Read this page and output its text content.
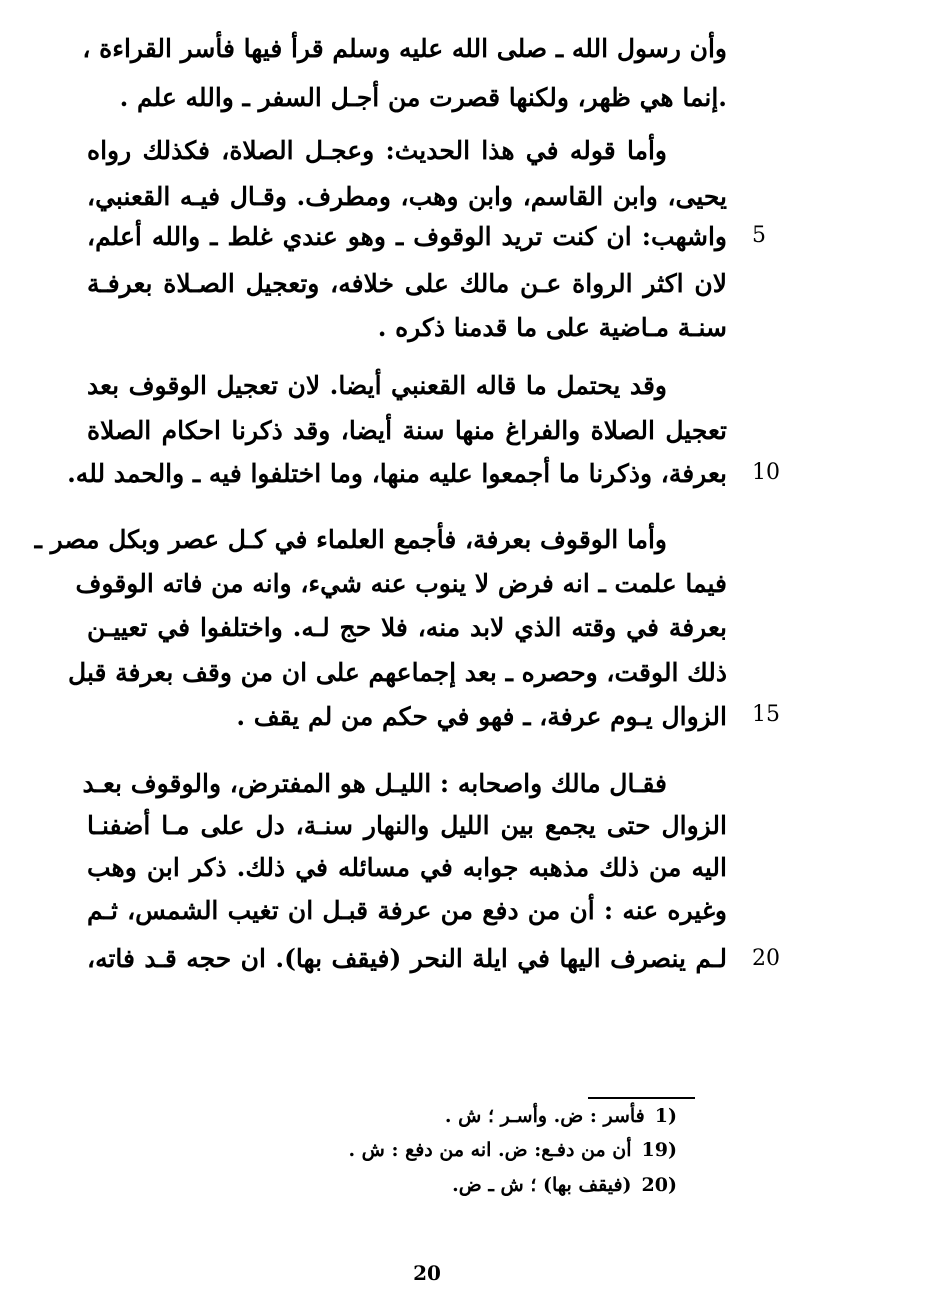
وأن رسول الله ـ صلى الله عليه وسلم قرأ فيها فأسر القراءة ،
.إنما هي ظهر، ولكنها قصرت من أجـل السفر ـ والله علم .
وأما قوله في هذا الحديث: وعجـل الصلاة، فكذلك رواه
يحيى، وابن القاسم، وابن وهب، ومطرف. وقـال فيـه القعنبي،
واشهب: ان كنت تريد الوقوف ـ وهو عندي غلط ـ والله أعلم،
لان اكثر الرواة عـن مالك على خلافه، وتعجيل الصـلاة بعرفـة
سنـة مـاضية على ما قدمنا ذكره .
وقد يحتمل ما قاله القعنبي أيضا. لان تعجيل الوقوف بعد
تعجيل الصلاة والفراغ منها سنة أيضا، وقد ذكرنا احكام الصلاة
بعرفة، وذكرنا ما أجمعوا عليه منها، وما اختلفوا فيه ـ والحمد لله.
وأما الوقوف بعرفة، فأجمع العلماء في كـل عصر وبكل مصر ـ
فيما علمت ـ انه فرض لا ينوب عنه شيء، وانه من فاته الوقوف
بعرفة في وقته الذي لابد منه، فلا حج لـه. واختلفوا في تعييـن
ذلك الوقت، وحصره ـ بعد إجماعهم على ان من وقف بعرفة قبل
الزوال يـوم عرفة، ـ فهو في حكم من لم يقف .
فقـال مالك واصحابه : الليـل هو المفترض، والوقوف بعـد
الزوال حتى يجمع بين الليل والنهار سنـة، دل على مـا أضفنـا
اليه من ذلك مذهبه جوابه في مسائله في ذلك. ذكر ابن وهب
وغيره عنه : أن من دفع من عرفة قبـل ان تغيب الشمس، ثـم
لـم ينصرف اليها في ايلة النحر (فيقف بها). ان حجه قـد فاته،
5
10
15
20
(1فأسر : ض. وأسـر ؛ ش .
(19أن من دفـع: ض. انه من دفع : ش .
(20(فيقف بها) ؛ ش ـ ض.
20
